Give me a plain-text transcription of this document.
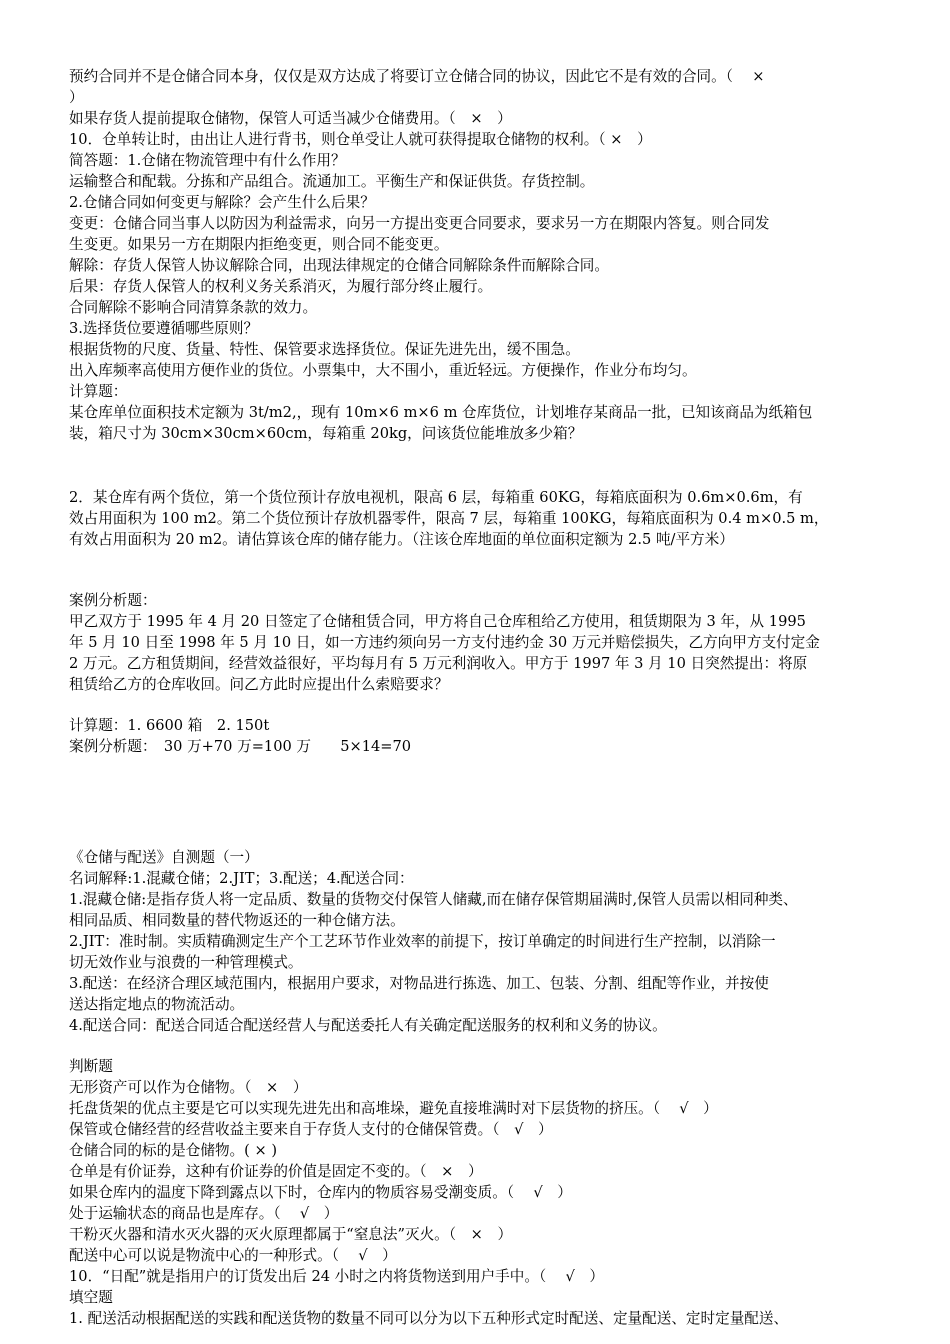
预约合同并不是仓储合同本身，仅仅是双方达成了将要订立仓储合同的协议，因此它不是有效的合同。（　 ×
）
如果存货人提前提取仓储物，保管人可适当减少仓储费用。（　×　）
10．仓单转让时，由出让人进行背书，则仓单受让人就可获得提取仓储物的权利。（ ×　）
简答题：1.仓储在物流管理中有什么作用？
运输整合和配载。分拣和产品组合。流通加工。平衡生产和保证供货。存货控制。
2.仓储合同如何变更与解除？会产生什么后果？
变更：仓储合同当事人以防因为利益需求，向另一方提出变更合同要求，要求另一方在期限内答复。则合同发
生变更。如果另一方在期限内拒绝变更，则合同不能变更。
解除：存货人保管人协议解除合同，出现法律规定的仓储合同解除条件而解除合同。
后果：存货人保管人的权利义务关系消灭，为履行部分终止履行。
合同解除不影响合同清算条款的效力。
3.选择货位要遵循哪些原则？
根据货物的尺度、货量、特性、保管要求选择货位。保证先进先出，缓不围急。
出入库频率高使用方便作业的货位。小票集中，大不围小，重近轻远。方便操作，作业分布均匀。
计算题：
某仓库单位面积技术定额为 3t/m2,，现有 10m×6 m×6 m 仓库货位，计划堆存某商品一批，已知该商品为纸箱包
装，箱尺寸为 30cm×30cm×60cm，每箱重 20kg，问该货位能堆放多少箱？
2．某仓库有两个货位，第一个货位预计存放电视机，限高 6 层，每箱重 60KG，每箱底面积为 0.6m×0.6m，有
效占用面积为 100 m2。第二个货位预计存放机器零件，限高 7 层，每箱重 100KG，每箱底面积为 0.4 m×0.5 m，
有效占用面积为 20 m2。请估算该仓库的储存能力。（注该仓库地面的单位面积定额为 2.5 吨/平方米）
案例分析题：
甲乙双方于 1995 年 4 月 20 日签定了仓储租赁合同，甲方将自己仓库租给乙方使用，租赁期限为 3 年，从 1995
年 5 月 10 日至 1998 年 5 月 10 日，如一方违约须向另一方支付违约金 30 万元并赔偿损失，乙方向甲方支付定金
2 万元。乙方租赁期间，经营效益很好，平均每月有 5 万元利润收入。甲方于 1997 年 3 月 10 日突然提出：将原
租赁给乙方的仓库收回。问乙方此时应提出什么索赔要求？
计算题：1. 6600 箱　2. 150t
案例分析题：　30 万+70 万=100 万　　5×14=70
《仓储与配送》自测题（一）
名词解释:1.混藏仓储；2.JIT；3.配送；4.配送合同：
1.混藏仓储:是指存货人将一定品质、数量的货物交付保管人储藏,而在储存保管期届满时,保管人员需以相同种类、
相同品质、相同数量的替代物返还的一种仓储方法。
2.JIT：准时制。实质精确测定生产个工艺环节作业效率的前提下，按订单确定的时间进行生产控制，以消除一
切无效作业与浪费的一种管理模式。
3.配送：在经济合理区域范围内，根据用户要求，对物品进行拣选、加工、包装、分割、组配等作业，并按使
送达指定地点的物流活动。
4.配送合同：配送合同适合配送经营人与配送委托人有关确定配送服务的权利和义务的协议。
判断题
无形资产可以作为仓储物。（　×　）
托盘货架的优点主要是它可以实现先进先出和高堆垛，避免直接堆满时对下层货物的挤压。（　 √　）
保管或仓储经营的经营收益主要来自于存货人支付的仓储保管费。（　√　）
仓储合同的标的是仓储物。( × )
仓单是有价证券，这种有价证券的价值是固定不变的。（　×　）
如果仓库内的温度下降到露点以下时，仓库内的物质容易受潮变质。（　 √　）
处于运输状态的商品也是库存。（　 √　）
干粉灭火器和清水灭火器的灭火原理都属于“窒息法”灭火。（　×　）
配送中心可以说是物流中心的一种形式。（　 √　）
10．“日配”就是指用户的订货发出后 24 小时之内将货物送到用户手中。（　 √　）
填空题
1. 配送活动根据配送的实践和配送货物的数量不同可以分为以下五种形式定时配送、定量配送、定时定量配送、
